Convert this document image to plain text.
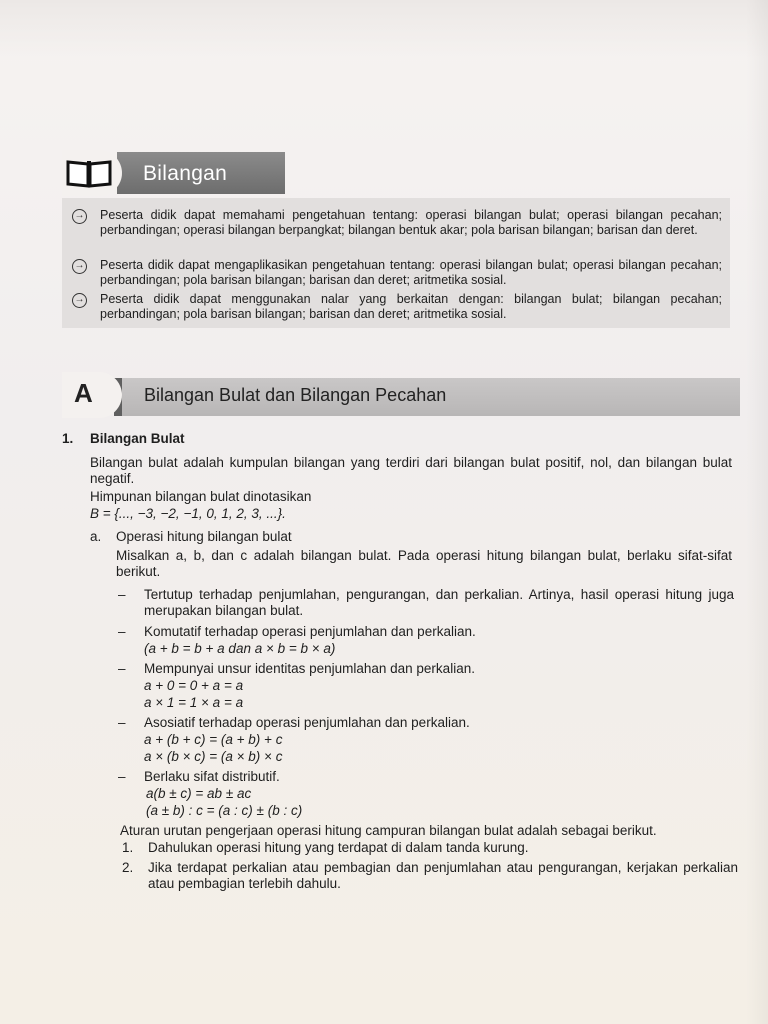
Bilangan
→ Peserta didik dapat memahami pengetahuan tentang: operasi bilangan bulat; operasi bilangan pecahan; perbandingan; operasi bilangan berpangkat; bilangan bentuk akar; pola barisan bilangan; barisan dan deret.
→ Peserta didik dapat mengaplikasikan pengetahuan tentang: operasi bilangan bulat; operasi bilangan pecahan; perbandingan; pola barisan bilangan; barisan dan deret; aritmetika sosial.
→ Peserta didik dapat menggunakan nalar yang berkaitan dengan: bilangan bulat; bilangan pecahan; perbandingan; pola barisan bilangan; barisan dan deret; aritmetika sosial.
Bilangan Bulat dan Bilangan Pecahan
A
1. Bilangan Bulat
Bilangan bulat adalah kumpulan bilangan yang terdiri dari bilangan bulat positif, nol, dan bilangan bulat negatif.
Himpunan bilangan bulat dinotasikan
B = {..., −3, −2, −1, 0, 1, 2, 3, ...}.
a. Operasi hitung bilangan bulat
Misalkan a, b, dan c adalah bilangan bulat. Pada operasi hitung bilangan bulat, berlaku sifat-sifat berikut.
– Tertutup terhadap penjumlahan, pengurangan, dan perkalian. Artinya, hasil operasi hitung juga merupakan bilangan bulat.
– Komutatif terhadap operasi penjumlahan dan perkalian.
(a + b = b + a dan a × b = b × a)
– Mempunyai unsur identitas penjumlahan dan perkalian.
a + 0 = 0 + a = a
a × 1 = 1 × a = a
– Asosiatif terhadap operasi penjumlahan dan perkalian.
a + (b + c) = (a + b) + c
a × (b × c) = (a × b) × c
– Berlaku sifat distributif.
a(b ± c) = ab ± ac
(a ± b) : c = (a : c) ± (b : c)
Aturan urutan pengerjaan operasi hitung campuran bilangan bulat adalah sebagai berikut.
1. Dahulukan operasi hitung yang terdapat di dalam tanda kurung.
2. Jika terdapat perkalian atau pembagian dan penjumlahan atau pengurangan, kerjakan perkalian atau pembagian terlebih dahulu.
